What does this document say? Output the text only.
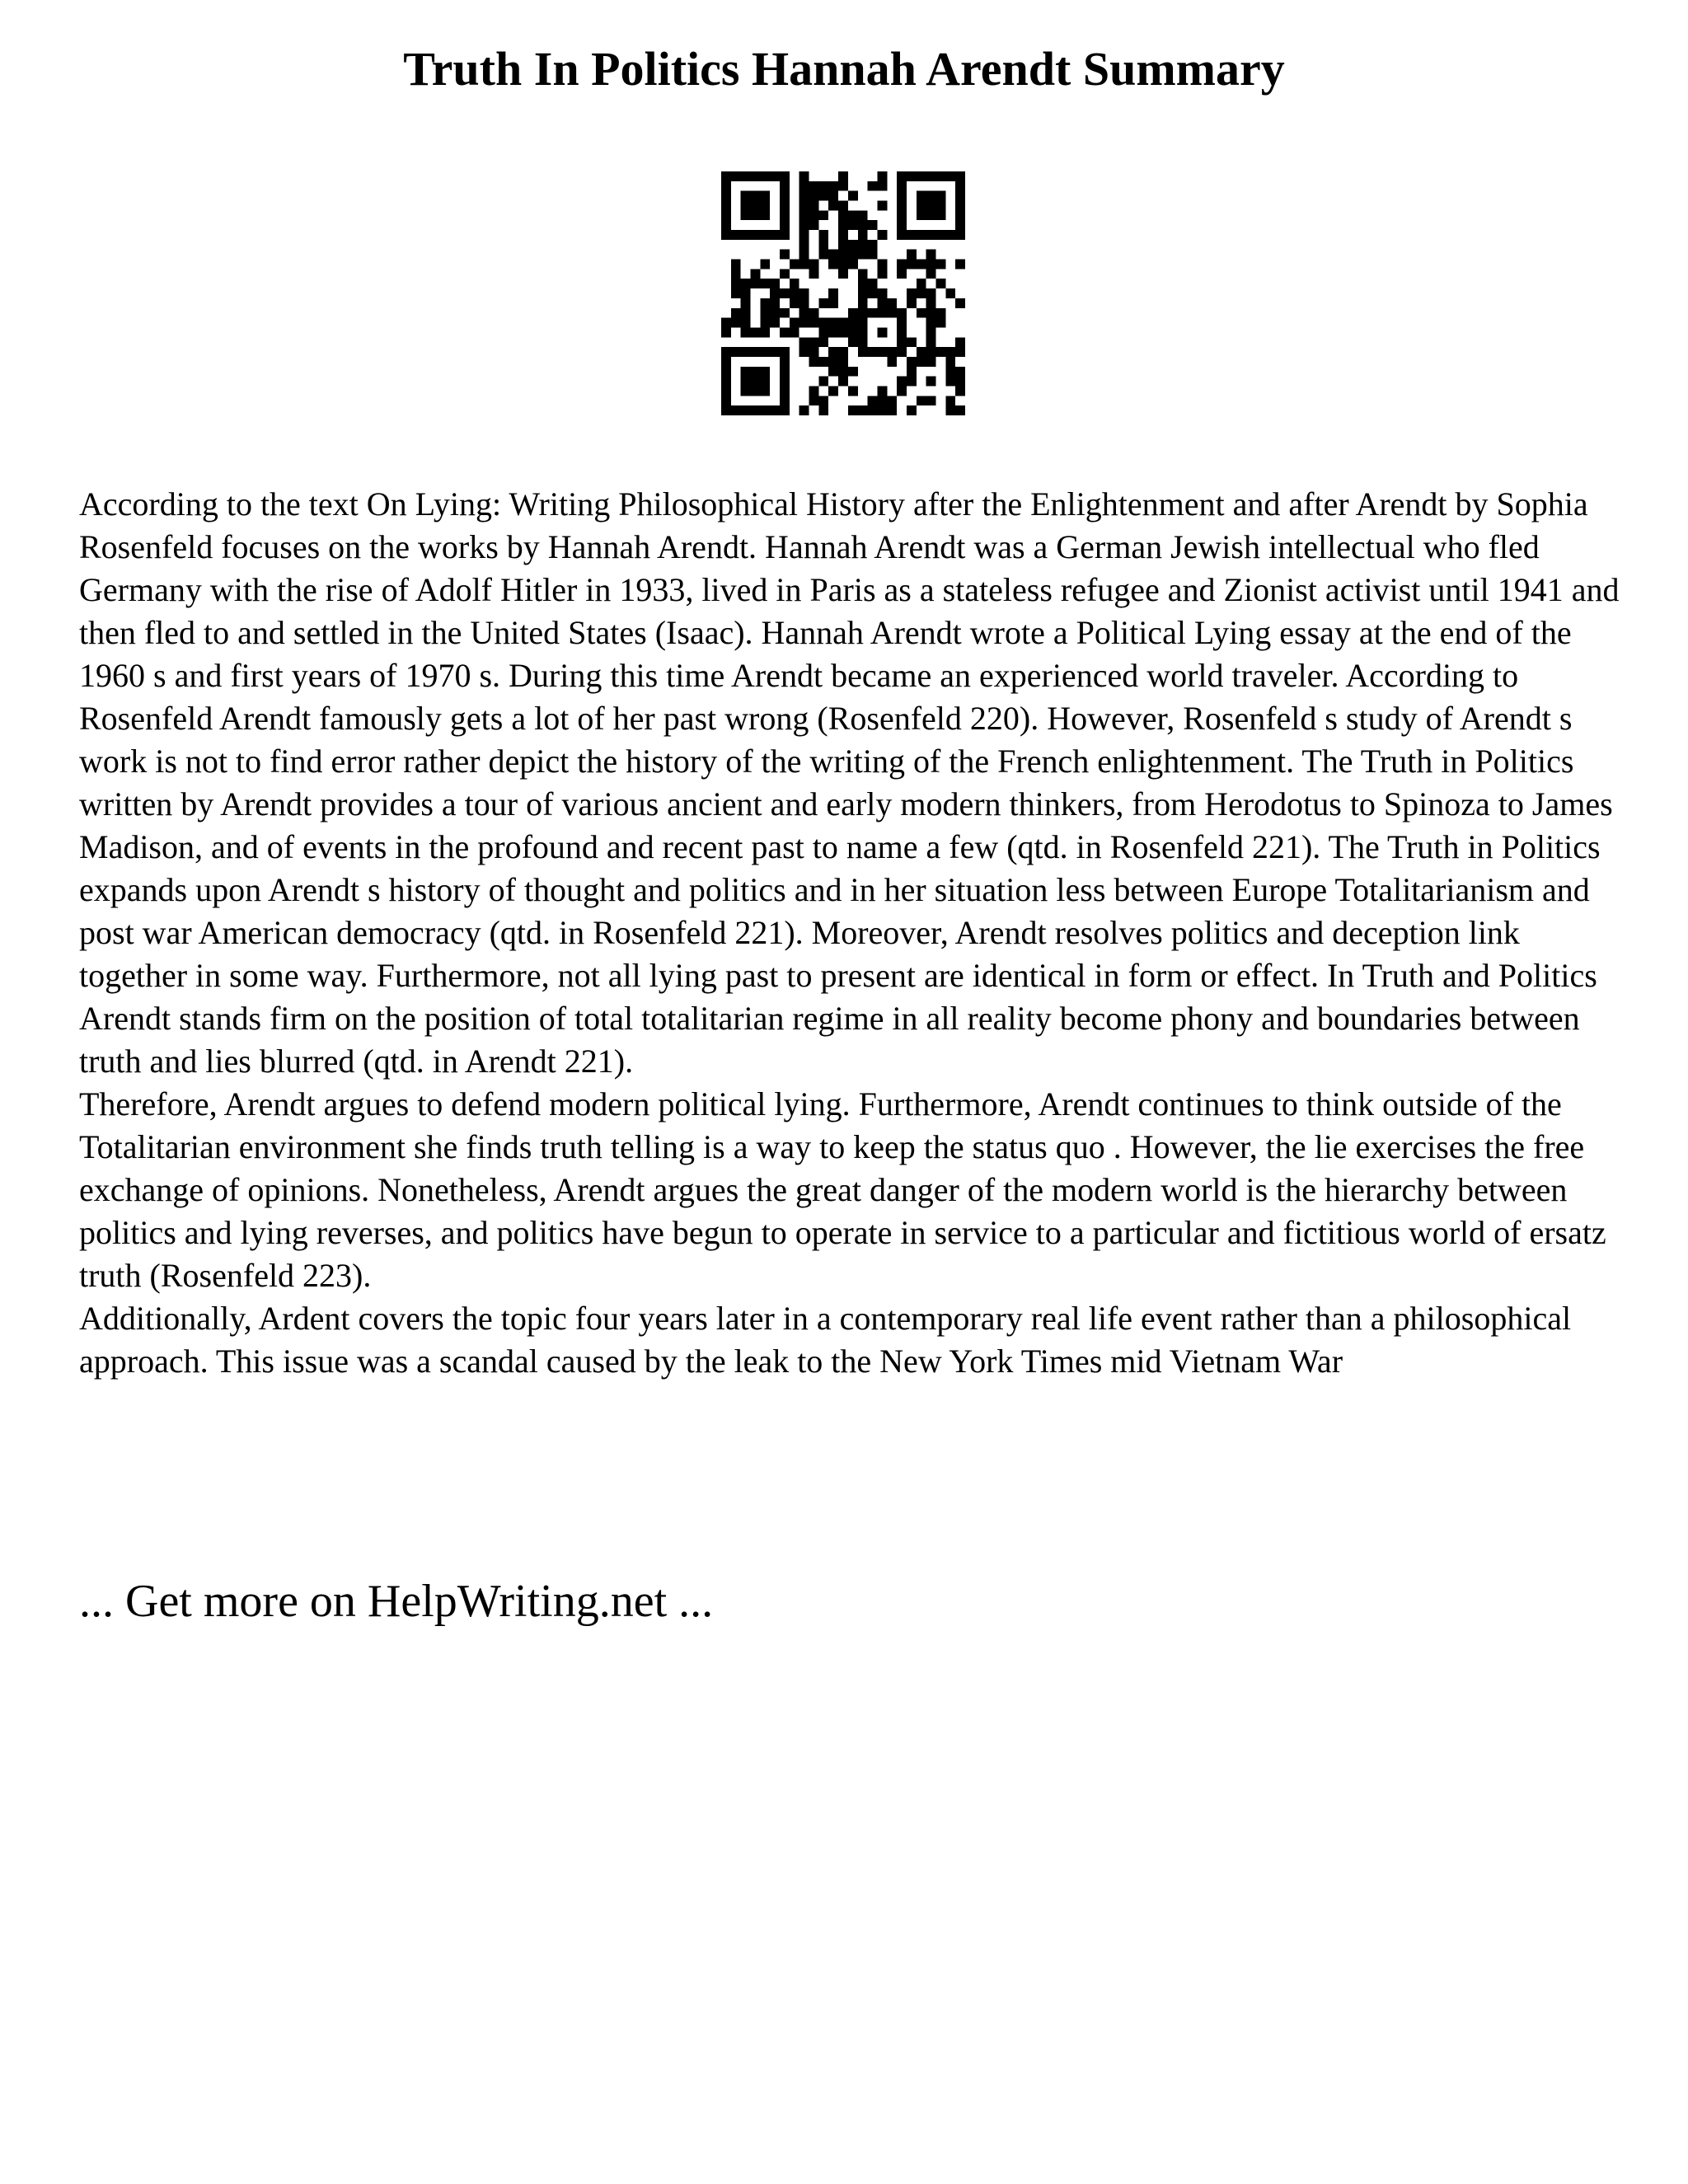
Truth In Politics Hannah Arendt Summary

According to the text On Lying: Writing Philosophical History after the Enlightenment and after Arendt by Sophia Rosenfeld focuses on the works by Hannah Arendt. Hannah Arendt was a German Jewish intellectual who fled Germany with the rise of Adolf Hitler in 1933, lived in Paris as a stateless refugee and Zionist activist until 1941 and then fled to and settled in the United States (Isaac). Hannah Arendt wrote a Political Lying essay at the end of the 1960 s and first years of 1970 s. During this time Arendt became an experienced world traveler. According to Rosenfeld Arendt famously gets a lot of her past wrong (Rosenfeld 220). However, Rosenfeld s study of Arendt s work is not to find error rather depict the history of the writing of the French enlightenment. The Truth in Politics written by Arendt provides a tour of various ancient and early modern thinkers, from Herodotus to Spinoza to James Madison, and of events in the profound and recent past to name a few (qtd. in Rosenfeld 221). The Truth in Politics expands upon Arendt s history of thought and politics and in her situation less between Europe Totalitarianism and post war American democracy (qtd. in Rosenfeld 221). Moreover, Arendt resolves politics and deception link together in some way. Furthermore, not all lying past to present are identical in form or effect. In Truth and Politics Arendt stands firm on the position of total totalitarian regime in all reality become phony and boundaries between truth and lies blurred (qtd. in Arendt 221).

Therefore, Arendt argues to defend modern political lying. Furthermore, Arendt continues to think outside of the Totalitarian environment she finds truth telling is a way to keep the status quo . However, the lie exercises the free exchange of opinions. Nonetheless, Arendt argues the great danger of the modern world is the hierarchy between politics and lying reverses, and politics have begun to operate in service to a particular and fictitious world of ersatz truth (Rosenfeld 223).

Additionally, Ardent covers the topic four years later in a contemporary real life event rather than a philosophical approach. This issue was a scandal caused by the leak to the New York Times mid Vietnam War

... Get more on HelpWriting.net ...
